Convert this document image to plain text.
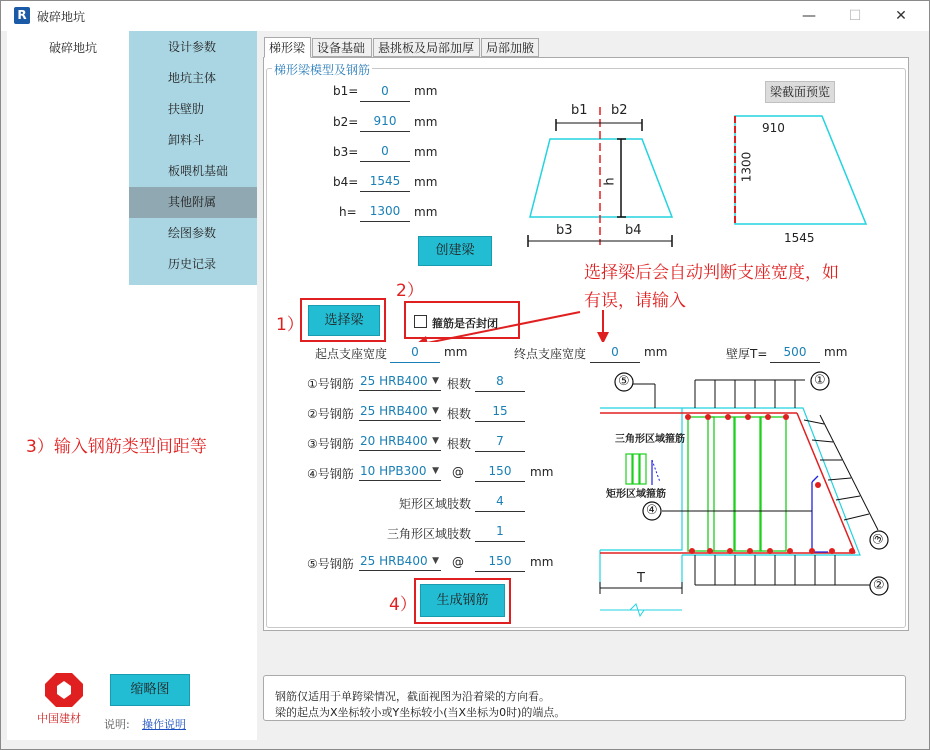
R 破碎地坑	—	☐	✕
破碎地坑	设计参数
地坑主体
扶壁肋
卸料斗
板喂机基础
其他附属
绘图参数
历史记录
3）输入钢筋类型间距等
中国建材
缩略图
说明: 操作说明
梯形梁 设备基础	悬挑板及局部加厚 局部加腋
梯形梁模型及钢筋
b1=	0	mm
b2=	910	mm
b3=	0	mm
b4= 1545	mm
h=	1300	mm
创建梁
b1 b2
h
b3	b4
梁截面预览
910
1300
1545
选择梁后会自动判断支座宽度，如
有误，请输入
1）
2）
4）
选择梁	箍筋是否封闭
起点支座宽度	0	mm	终点支座宽度	0	mm	壁厚T=	500	mm
①号钢筋 25 HRB400 ▼ 根数	8
②号钢筋 25 HRB400 ▼ 根数	15
③号钢筋 20 HRB400 ▼ 根数	7
④号钢筋 10 HPB300 ▼ @	150	mm
矩形区域肢数	4
三角形区域肢数	1
⑤号钢筋 25 HRB400 ▼ @	150	mm
生成钢筋
⑤	①
②
③
④
三角形区域箍筋
矩形区域箍筋
T
钢筋仅适用于单跨梁情况，截面视图为沿着梁的方向看。
梁的起点为X坐标较小或Y坐标较小(当X坐标为0时)的端点。
